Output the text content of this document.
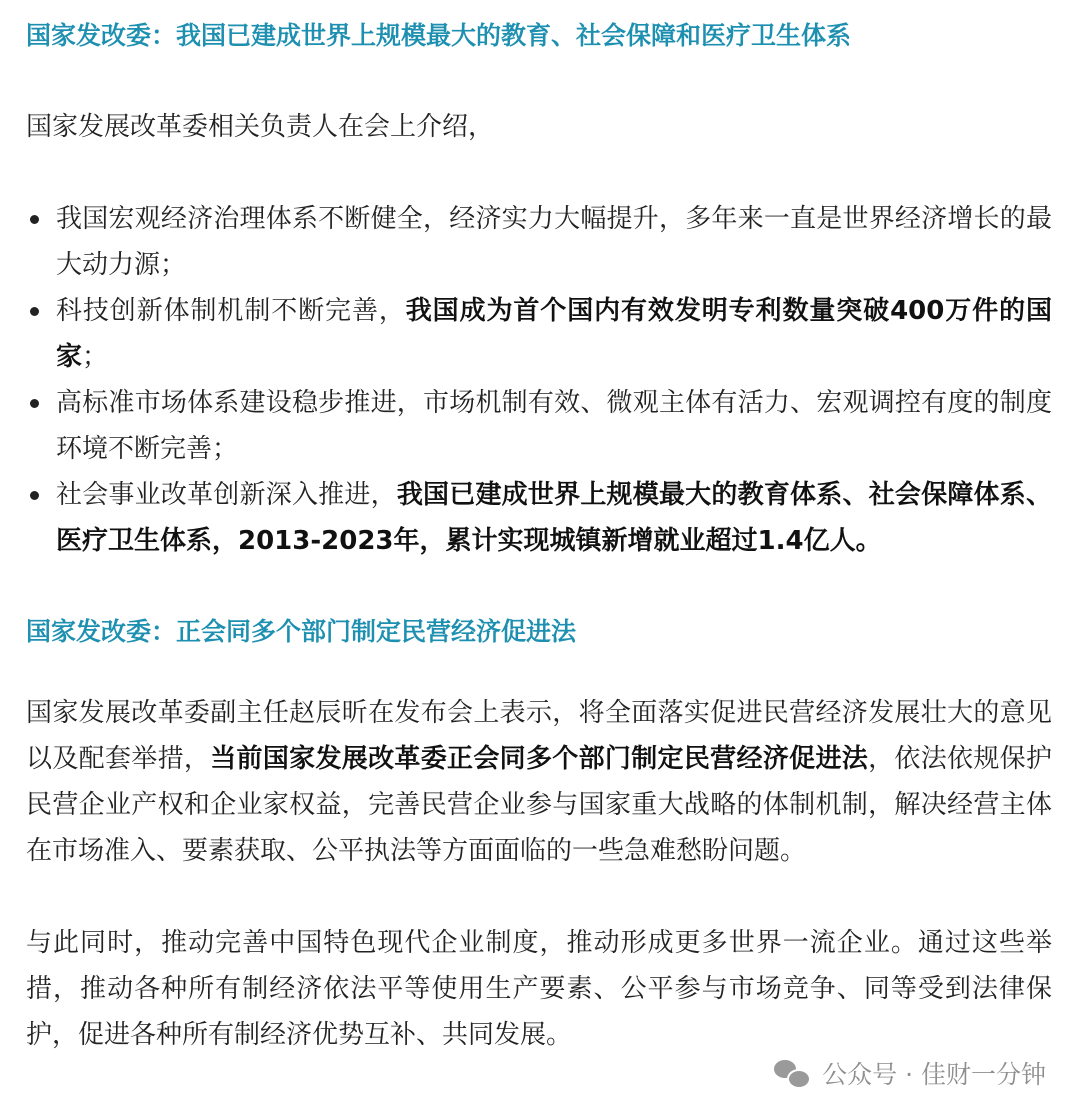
国家发改委：我国已建成世界上规模最大的教育、社会保障和医疗卫生体系

国家发展改革委相关负责人在会上介绍，

我国宏观经济治理体系不断健全，经济实力大幅提升，多年来一直是世界经济增长的最大动力源；
科技创新体制机制不断完善，我国成为首个国内有效发明专利数量突破400万件的国家；
高标准市场体系建设稳步推进，市场机制有效、微观主体有活力、宏观调控有度的制度环境不断完善；
社会事业改革创新深入推进，我国已建成世界上规模最大的教育体系、社会保障体系、医疗卫生体系，2013-2023年，累计实现城镇新增就业超过1.4亿人。
国家发改委：正会同多个部门制定民营经济促进法

国家发展改革委副主任赵辰昕在发布会上表示，将全面落实促进民营经济发展壮大的意见以及配套举措，当前国家发展改革委正会同多个部门制定民营经济促进法，依法依规保护民营企业产权和企业家权益，完善民营企业参与国家重大战略的体制机制，解决经营主体在市场准入、要素获取、公平执法等方面面临的一些急难愁盼问题。

与此同时，推动完善中国特色现代企业制度，推动形成更多世界一流企业。通过这些举措，推动各种所有制经济依法平等使用生产要素、公平参与市场竞争、同等受到法律保护，促进各种所有制经济优势互补、共同发展。

公众号 · 佳财一分钟
